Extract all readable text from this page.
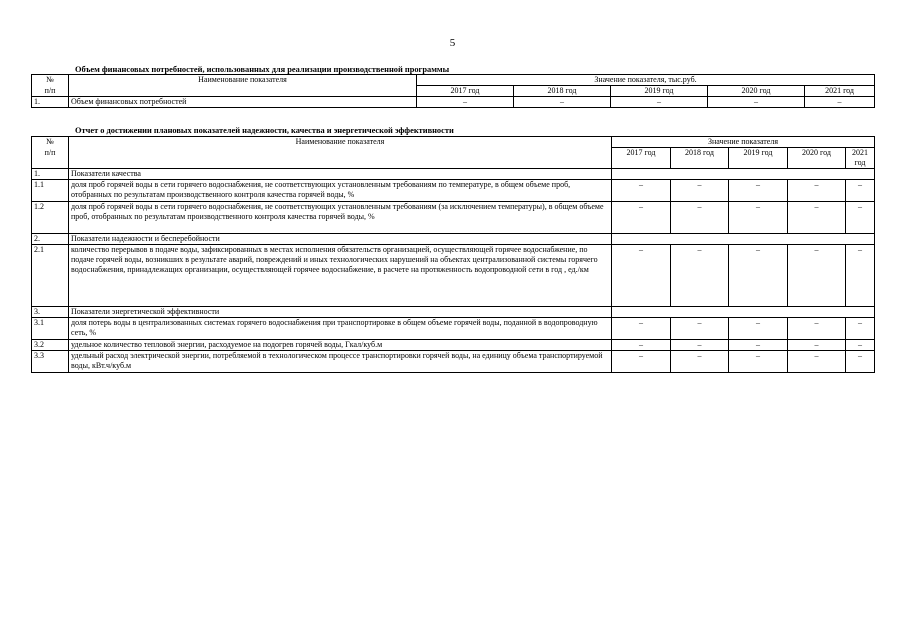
5
Объем финансовых потребностей, использованных для реализации производственной программы
№	Наименование показателя	Значение показателя, тыс.руб.				
п/п		2017 год	2018 год	2019 год	2020 год	2021 год
1.	Объем финансовых потребностей	–	–	–	–	–
Отчет о достижении плановых показателей надежности, качества и энергетической эффективности
№	Наименование показателя	Значение показателя				
п/п		2017 год	2018 год	2019 год	2020 год	2021 год
1.	Показатели качества					
1.1	доля проб горячей воды в сети горячего водоснабжения, не соответствующих установленным требованиям по температуре, в общем объеме проб, отобранных по результатам производственного контроля качества горячей воды, %	–	–	–	–	–
1.2	доля проб горячей воды в сети горячего водоснабжения, не соответствующих установленным требованиям (за исключением температуры), в общем объеме проб, отобранных по результатам производственного контроля качества горячей воды, %	–	–	–	–	–
2.	Показатели надежности и бесперебойности					
2.1	количество перерывов в подаче воды, зафиксированных в местах исполнения обязательств организацией, осуществляющей горячее водоснабжение, по подаче горячей воды, возникших в результате аварий, повреждений и иных технологических нарушений на объектах централизованной системы горячего водоснабжения, принадлежащих организации, осуществляющей горячее водоснабжение, в расчете на протяженность водопроводной сети в год , ед./км	–	–	–	–	–
3.	Показатели энергетической эффективности					
3.1	доля потерь воды в централизованных системах горячего водоснабжения при транспортировке в общем объеме горячей воды, поданной в водопроводную сеть, %	–	–	–	–	–
3.2	удельное количество тепловой энергии, расходуемое на подогрев горячей воды, Гкал/куб.м	–	–	–	–	–
3.3	удельный расход электрической энергии, потребляемой в технологическом процессе транспортировки горячей воды, на единицу объема транспортируемой воды, кВт.ч/куб.м	–	–	–	–	–
